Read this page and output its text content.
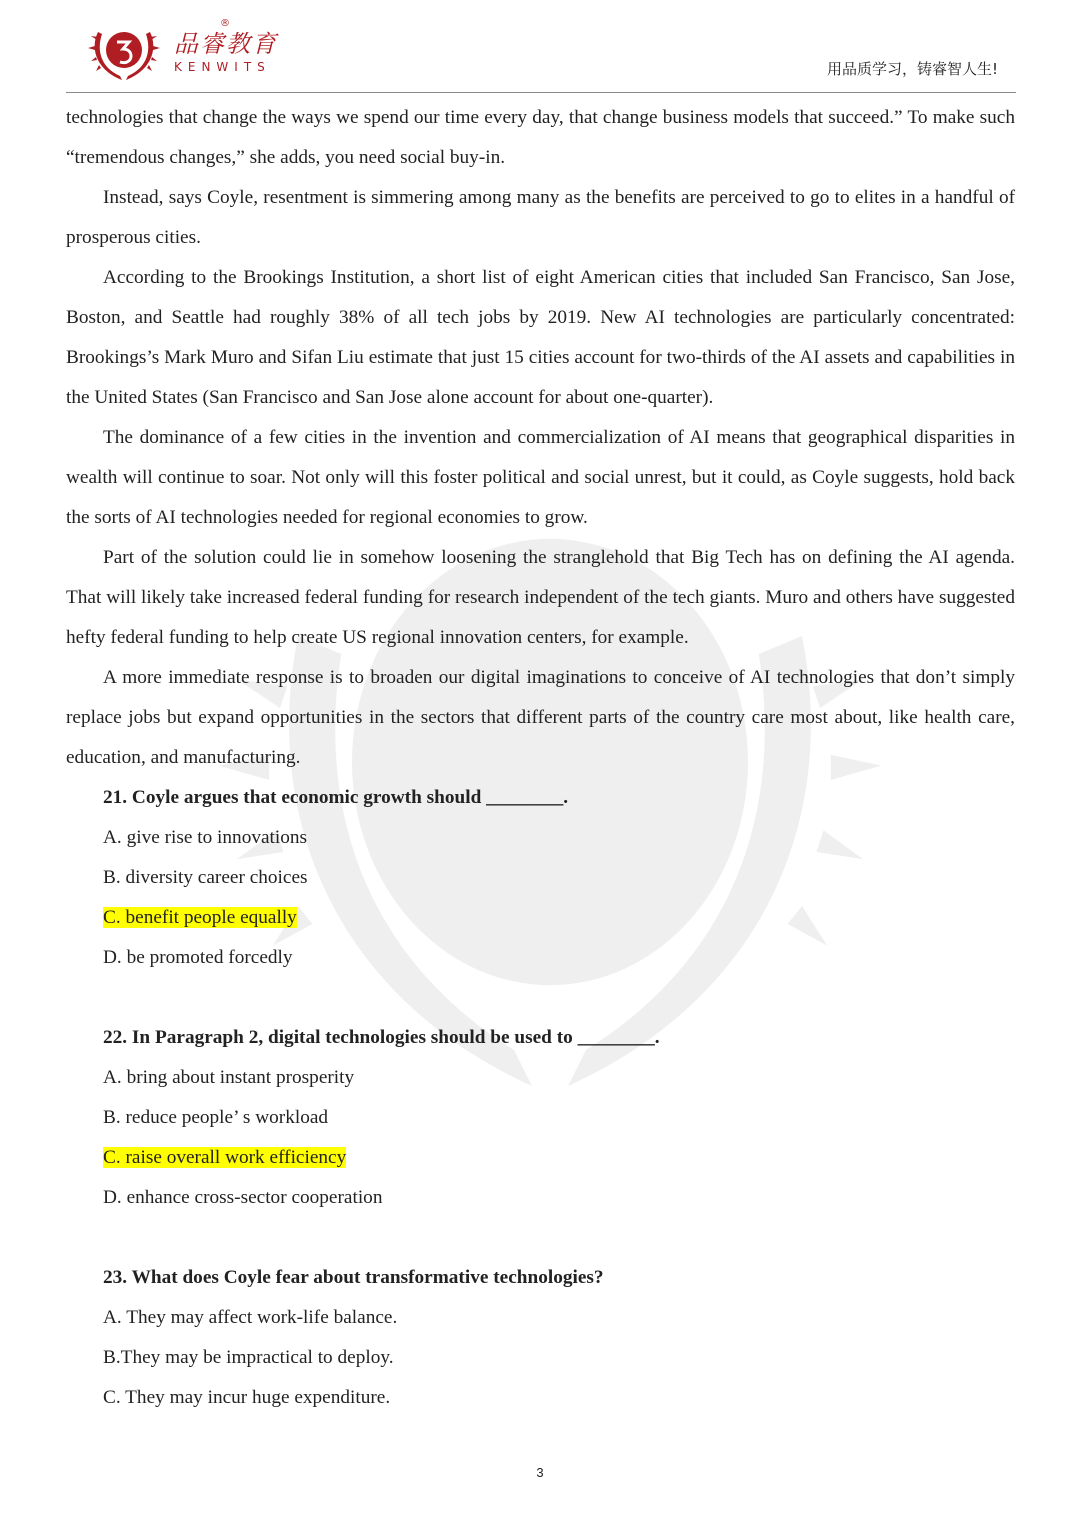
品睿教育
®
KENWITS	用品质学习，铸睿智人生!

technologies that change the ways we spend our time every day, that change business models that succeed.” To make such “tremendous changes,” she adds, you need social buy-in.

Instead, says Coyle, resentment is simmering among many as the benefits are perceived to go to elites in a handful of prosperous cities.

According to the Brookings Institution, a short list of eight American cities that included San Francisco, San Jose, Boston, and Seattle had roughly 38% of all tech jobs by 2019. New AI technologies are particularly concentrated: Brookings’s Mark Muro and Sifan Liu estimate that just 15 cities account for two-thirds of the AI assets and capabilities in the United States (San Francisco and San Jose alone account for about one-quarter).

The dominance of a few cities in the invention and commercialization of AI means that geographical disparities in wealth will continue to soar. Not only will this foster political and social unrest, but it could, as Coyle suggests, hold back the sorts of AI technologies needed for regional economies to grow.

Part of the solution could lie in somehow loosening the stranglehold that Big Tech has on defining the AI agenda. That will likely take increased federal funding for research independent of the tech giants. Muro and others have suggested hefty federal funding to help create US regional innovation centers, for example.

A more immediate response is to broaden our digital imaginations to conceive of AI technologies that don’t simply replace jobs but expand opportunities in the sectors that different parts of the country care most about, like health care, education, and manufacturing.

21. Coyle argues that economic growth should ________.
A. give rise to innovations
B. diversity career choices
C. benefit people equally
D. be promoted forcedly
22. In Paragraph 2, digital technologies should be used to ________.
A. bring about instant prosperity
B. reduce people’ s workload
C. raise overall work efficiency
D. enhance cross-sector cooperation
23. What does Coyle fear about transformative technologies?
A. They may affect work-life balance.
B.They may be impractical to deploy.
C. They may incur huge expenditure.
3
